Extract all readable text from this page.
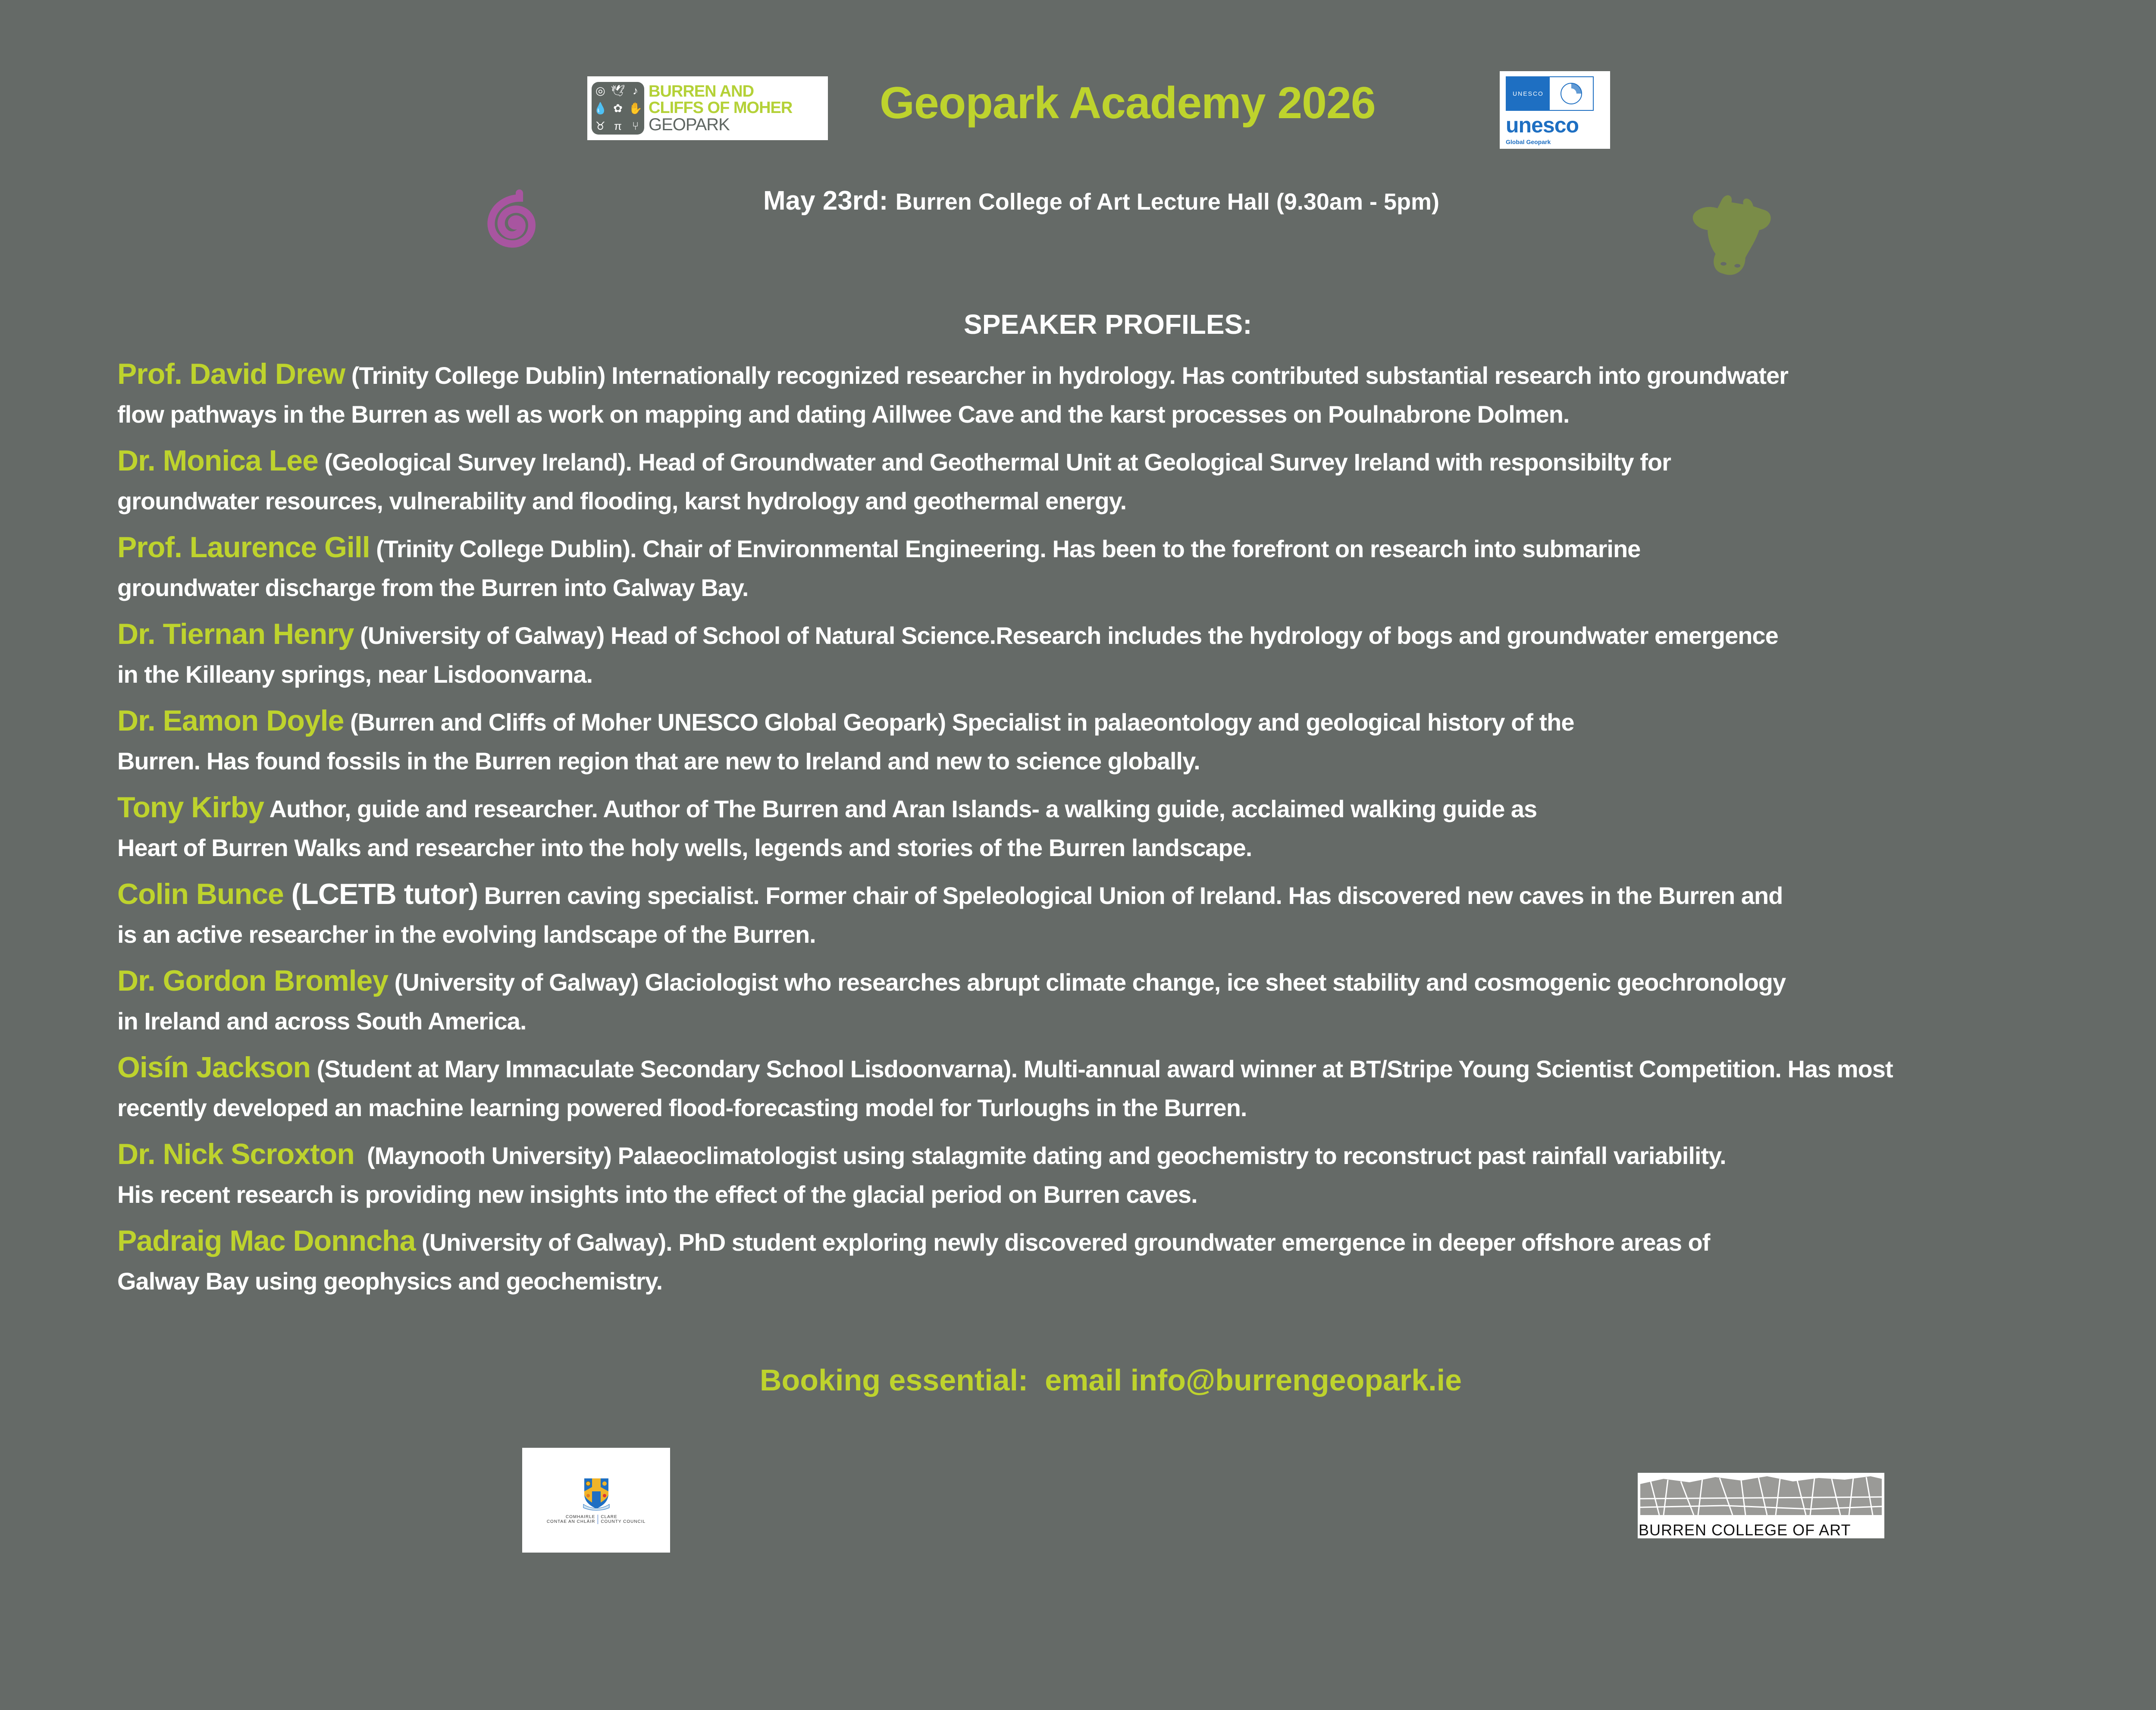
◎ 🕊 ♪
💧 ✿ ✋
♉ π ⑂
BURREN AND
CLIFFS OF MOHER
GEOPARK	Geopark Academy 2026	UNESCO
unesco
Global Geopark
May 23rd: Burren College of Art Lecture Hall (9.30am - 5pm)
SPEAKER PROFILES:
Prof. David Drew (Trinity College Dublin) Internationally recognized researcher in hydrology. Has contributed substantial research into groundwater
flow pathways in the Burren as well as work on mapping and dating Aillwee Cave and the karst processes on Poulnabrone Dolmen.
Dr. Monica Lee (Geological Survey Ireland). Head of Groundwater and Geothermal Unit at Geological Survey Ireland with responsibilty for
groundwater resources, vulnerability and flooding, karst hydrology and geothermal energy.
Prof. Laurence Gill (Trinity College Dublin). Chair of Environmental Engineering. Has been to the forefront on research into submarine
groundwater discharge from the Burren into Galway Bay.
Dr. Tiernan Henry (University of Galway) Head of School of Natural Science.Research includes the hydrology of bogs and groundwater emergence
in the Killeany springs, near Lisdoonvarna.
Dr. Eamon Doyle (Burren and Cliffs of Moher UNESCO Global Geopark) Specialist in palaeontology and geological history of the
Burren. Has found fossils in the Burren region that are new to Ireland and new to science globally.
Tony Kirby Author, guide and researcher. Author of The Burren and Aran Islands- a walking guide, acclaimed walking guide as
Heart of Burren Walks and researcher into the holy wells, legends and stories of the Burren landscape.
Colin Bunce (LCETB tutor) Burren caving specialist. Former chair of Speleological Union of Ireland. Has discovered new caves in the Burren and
is an active researcher in the evolving landscape of the Burren.
Dr. Gordon Bromley (University of Galway) Glaciologist who researches abrupt climate change, ice sheet stability and cosmogenic geochronology
in Ireland and across South America.
Oisín Jackson (Student at Mary Immaculate Secondary School Lisdoonvarna). Multi-annual award winner at BT/Stripe Young Scientist Competition. Has most
recently developed an machine learning powered flood-forecasting model for Turloughs in the Burren.
Dr. Nick Scroxton  (Maynooth University) Palaeoclimatologist using stalagmite dating and geochemistry to reconstruct past rainfall variability.
His recent research is providing new insights into the effect of the glacial period on Burren caves.
Padraig Mac Donncha (University of Galway). PhD student exploring newly discovered groundwater emergence in deeper offshore areas of
Galway Bay using geophysics and geochemistry.
Booking essential:  email info@burrengeopark.ie
COMHAIRLE
CONTAE AN CHLÁIR
CLARE
COUNTY COUNCIL	BURREN COLLEGE OF ART
